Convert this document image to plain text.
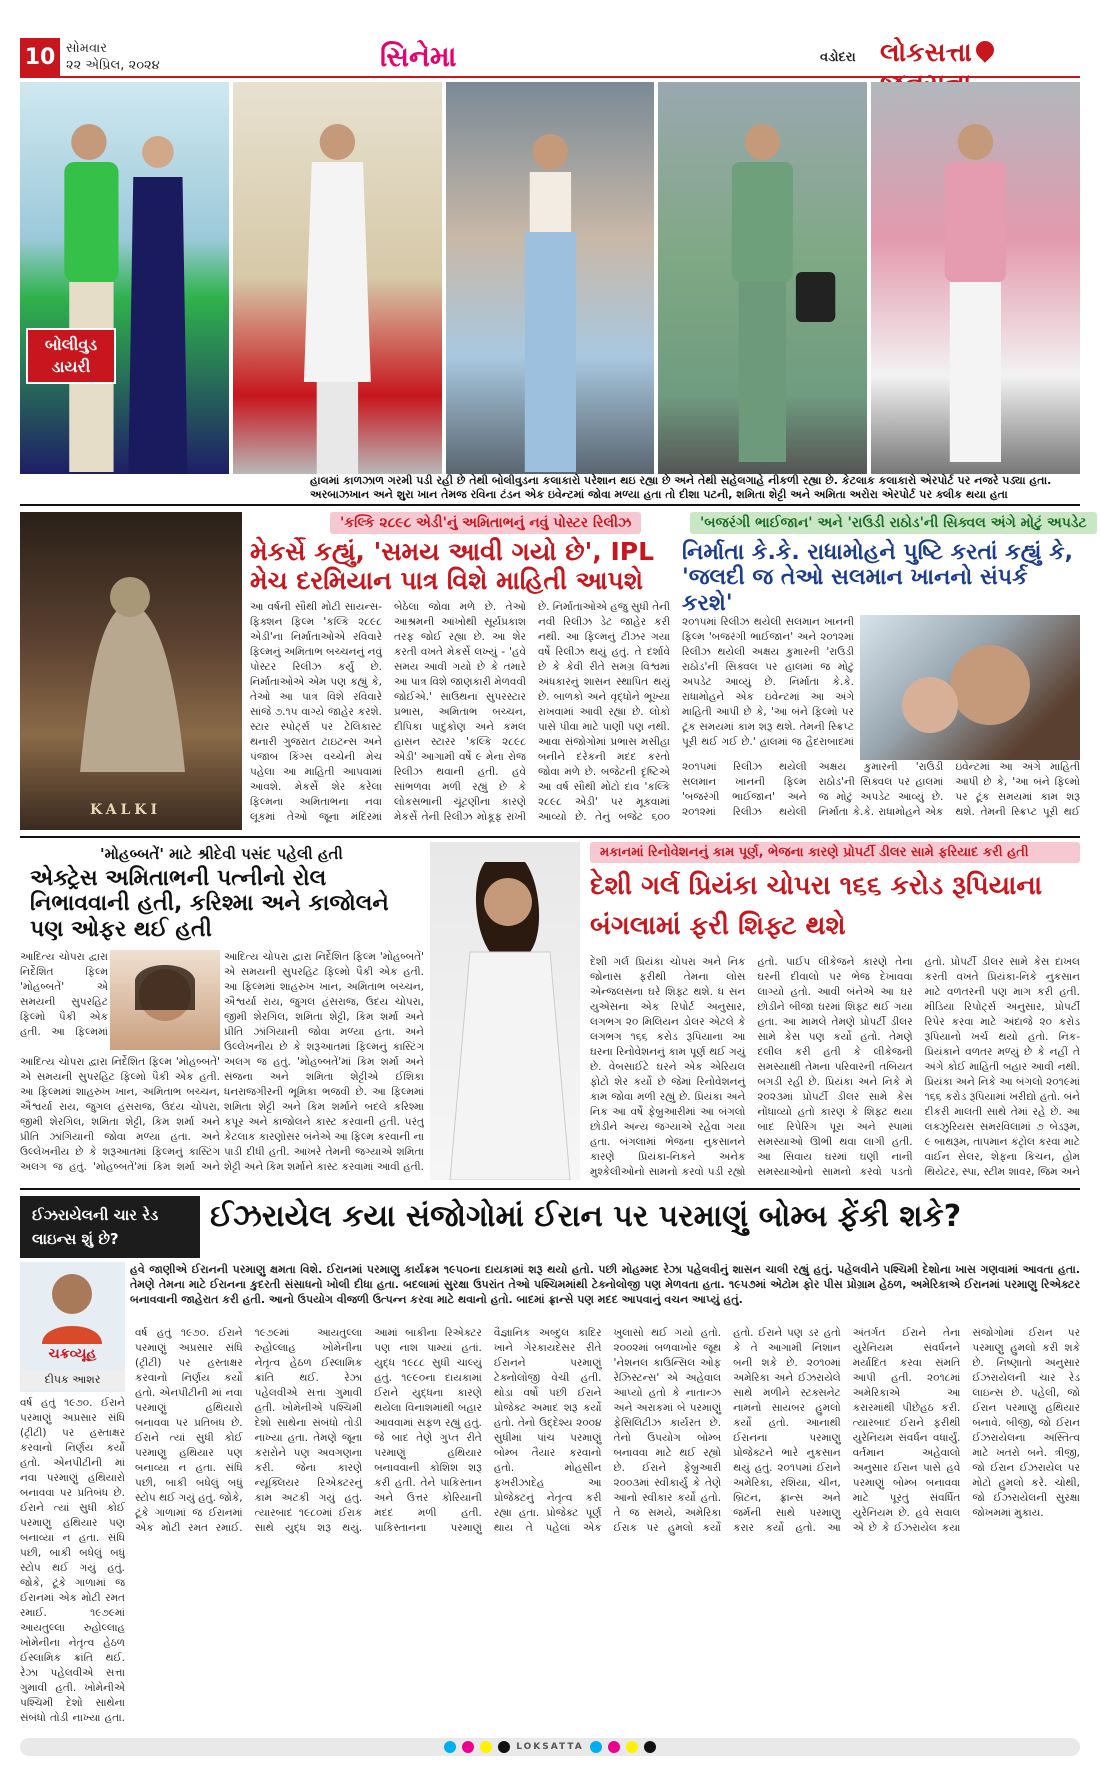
10 સોમવાર
૨૨ એપ્રિલ, ૨૦૨૪	સિનેમા	વડોદરા લોકસત્તા
બોલીવુડ ડાયરી
હાલમાં કાળઝાળ ગરમી પડી રહી છે તેથી બોલીવુડના કલાકારો પરેશાન થઇ રહ્યા છે અને તેથી સહેલગાહે નીકળી રહ્યા છે. કેટલાક કલાકારો એરપોર્ટ પર નજરે પડ્યા હતા. અરબાઝખાન અને શુરા ખાન તેમજ રવિના ટંડન એક ઇવેન્ટમાં જોવા મળ્યા હતા તો દીશા પટની, શમિતા શેટ્ટી અને અમિતા અરોરા એરપોર્ટ પર ક્લીક થયા હતા
'કલ્કિ ૨૮૯૮ એડી'નું અમિતાભનું નવું પોસ્ટર રિલીઝ
મેકર્સે કહ્યું, 'સમય આવી ગયો છે', IPL મેચ દરમિયાન પાત્ર વિશે માહિતી આપશે
KALKI
આ વર્ષની સૌથી મોટી સાયન્સ-ફિક્શન ફિલ્મ 'કલ્કિ ૨૮૯૮ એડી'ના નિર્માતાઓએ રવિવારે ફિલ્મનું અમિતાભ બચ્ચનનું નવું પોસ્ટર રિલીઝ કર્યું છે. નિર્માતાઓએ એમ પણ કહ્યું કે, તેઓ આ પાત્ર વિશે રવિવારે સાંજે ૭.૧૫ વાગ્યે જાહેર કરશે. સ્ટાર સ્પોર્ટ્સ પર ટેલિકાસ્ટ થનારી ગુજરાત ટાઇટન્સ અને પંજાબ કિંગ્સ વચ્ચેની મેચ પહેલા આ માહિતી આપવામાં આવશે. મેકર્સે શેર કરેલા ફિલ્મના અમિતાભના નવા લૂકમાં તેઓ જૂના મંદિરમાં બેઠેલા જોવા મળે છે. તેઓ આશ્રમની આંખોથી સૂર્યપ્રકાશ તરફ જોઈ રહ્યા છે. આ શેર કરતી વખતે મેકર્સે લખ્યું - 'હવે સમય આવી ગયો છે કે તમારે આ પાત્ર વિશે જાણકારી મેળવવી જોઈએ.' સાઉથના સુપરસ્ટાર પ્રભાસ, અમિતાભ બચ્ચન, દીપિકા પાદુકોણ અને કમલ હાસન સ્ટારર 'કલ્કિ ૨૮૯૮ એડી' આગામી વર્ષે ૯ મેના રોજ રિલીઝ થવાની હતી. હવે સાંભળવા મળી રહ્યું છે કે લોકસભાની ચૂંટણીના કારણે મેકર્સે તેની રિલીઝ મોકૂફ રાખી છે. નિર્માતાઓએ હજુ સુધી તેની નવી રિલીઝ ડેટ જાહેર કરી નથી. આ ફિલ્મનું ટીઝર ગયા વર્ષે રિલીઝ થયું હતું. તે દર્શાવે છે કે કેવી રીતે સમગ્ર વિશ્વમાં અંધકારનું શાસન સ્થાપિત થયું છે. બાળકો અને વૃદ્ધોને ભૂખ્યા રાખવામાં આવી રહ્યા છે. લોકો પાસે પીવા માટે પાણી પણ નથી. આવા સંજોગોમાં પ્રભાસ મસીહા બનીને દરેકની મદદ કરતો જોવા મળે છે. બજેટની દૃષ્ટિએ આ વર્ષ સૌથી મોટો દાવ 'કલ્કિ ૨૮૯૮ એડી' પર મૂકવામાં આવ્યો છે. તેનું બજેટ ૬૦૦
'બજરંગી ભાઈજાન' અને 'રાઉડી રાઠોડ'ની સિક્વલ અંગે મોટું અપડેટ
નિર્માતા કે.કે. રાધામોહને પુષ્ટિ કરતાં કહ્યું કે, 'જલદી જ તેઓ સલમાન ખાનનો સંપર્ક કરશે'
૨૦૧૫માં રિલીઝ થયેલી સલમાન ખાનની ફિલ્મ 'બજરંગી ભાઈજાન' અને ૨૦૧૨માં રિલીઝ થયેલી અક્ષય કુમારની 'રાઉડી રાઠોડ'ની સિક્વલ પર હાલમાં જ મોટું અપડેટ આવ્યું છે. નિર્માતા કે.કે. રાધામોહને એક ઇવેન્ટમાં આ અંગે માહિતી આપી છે કે, 'આ બંને ફિલ્મો પર ટૂંક સમયમાં કામ શરૂ થશે. તેમની સ્ક્રિપ્ટ પૂરી થઈ ગઈ છે.' હાલમાં જ હૈદરાબાદમાં
૨૦૧૫માં રિલીઝ થયેલી સલમાન ખાનની ફિલ્મ 'બજરંગી ભાઈજાન' અને ૨૦૧૨માં રિલીઝ થયેલી અક્ષય કુમારની 'રાઉડી રાઠોડ'ની સિક્વલ પર હાલમાં જ મોટું અપડેટ આવ્યું છે. નિર્માતા કે.કે. રાધામોહને એક ઇવેન્ટમાં આ અંગે માહિતી આપી છે કે, 'આ બંને ફિલ્મો પર ટૂંક સમયમાં કામ શરૂ થશે. તેમની સ્ક્રિપ્ટ પૂરી થઈ
'મોહબ્બતેં' માટે શ્રીદેવી પસંદ પહેલી હતી
એક્ટ્રેસ અમિતાભની પત્નીનો રોલ નિભાવવાની હતી, કરિશ્મા અને કાજોલને પણ ઓફર થઈ હતી
આદિત્ય ચોપરા દ્વારા નિર્દેશિત ફિલ્મ 'મોહબ્બતેં' એ સમયની સુપરહિટ ફિલ્મો પૈકી એક હતી. આ ફિલ્મમાં
આદિત્ય ચોપરા દ્વારા નિર્દેશિત ફિલ્મ 'મોહબ્બતેં' એ સમયની સુપરહિટ ફિલ્મો પૈકી એક હતી. આ ફિલ્મમાં શાહરુખ ખાન, અમિતાભ બચ્ચન, ઐશ્વર્યા રાય, જુગલ હંસરાજ, ઉદય ચોપરા, જીમી શેરગિલ, શમિતા શેટ્ટી, કિમ શર્મા અને પ્રીતિ ઝાંગિયાની જોવા મળ્યા હતા. અને ઉલ્લેખનીય છે કે શરૂઆતમાં ફિલ્મનું કાસ્ટિંગ અલગ જ હતું. 'મોહબ્બતેં'માં કિમ શર્મા અને
આદિત્ય ચોપરા દ્વારા નિર્દેશિત ફિલ્મ 'મોહબ્બતેં' એ સમયની સુપરહિટ ફિલ્મો પૈકી એક હતી. આ ફિલ્મમાં શાહરુખ ખાન, અમિતાભ બચ્ચન, ઐશ્વર્યા રાય, જુગલ હંસરાજ, ઉદય ચોપરા, જીમી શેરગિલ, શમિતા શેટ્ટી, કિમ શર્મા અને પ્રીતિ ઝાંગિયાની જોવા મળ્યા હતા. અને ઉલ્લેખનીય છે કે શરૂઆતમાં ફિલ્મનું કાસ્ટિંગ અલગ જ હતું. 'મોહબ્બતેં'માં કિમ શર્મા અને સંજના અને શમિતા શેટ્ટીએ ઈશિકા ધનરાજગીરની ભૂમિકા ભજવી છે. આ ફિલ્મમાં શમિતા શેટ્ટી અને કિમ શર્માને બદલે કરિશ્મા કપૂર અને કાજોલને કાસ્ટ કરવાની હતી. પરંતુ કેટલાક કારણોસર બંનેએ આ ફિલ્મ કરવાની ના પાડી દીધી હતી. આખરે તેમની જગ્યાએ શમિતા શેટ્ટી અને કિમ શર્માને કાસ્ટ કરવામાં આવી હતી.
મકાનમાં રિનોવેશનનું કામ પૂર્ણ, ભેજના કારણે પ્રોપર્ટી ડીલર સામે ફરિયાદ કરી હતી
દેશી ગર્લ પ્રિયંકા ચોપરા ૧૬૬ કરોડ રૂપિયાના બંગલામાં ફરી શિફ્ટ થશે
દેશી ગર્લ પ્રિયંકા ચોપરા અને નિક જોનાસ ફરીથી તેમના લોસ એન્જલસના ઘરે શિફ્ટ થશે. ધ સન યુએસના એક રિપોર્ટ અનુસાર, લગભગ ૨૦ મિલિયન ડોલર એટલે કે લગભગ ૧૬૬ કરોડ રૂપિયાના આ ઘરના રિનોવેશનનું કામ પૂર્ણ થઈ ગયું છે. વેબસાઈટે ઘરને એક એરિયલ ફોટો શેર કર્યો છે જેમાં રિનોવેશનનું કામ જોવા મળી રહ્યું છે. પ્રિયંકા અને નિક આ વર્ષે ફેબ્રુઆરીમાં આ બંગલો છોડીને અન્ય જગ્યાએ રહેવા ગયા હતા. બંગલામાં ભેજના નુકસાનને કારણે પ્રિયંકા-નિકને અનેક મુશ્કેલીઓનો સામનો કરવો પડી રહ્યો હતો. પાઈપ લીકેજને કારણે તેના ઘરની દીવાલો પર ભેજ દેખાવવા લાગ્યો હતો. આવી બંનેએ આ ઘર છોડીને બીજા ઘરમાં શિફ્ટ થઈ ગયા હતા. આ મામલે તેમણે પ્રોપર્ટી ડીલર સામે કેસ પણ કર્યો હતો. તેમણે દલીલ કરી હતી કે લીકેજની સમસ્યાથી તેમના પરિવારની તબિયત બગડી રહી છે. પ્રિયંકા અને નિકે મે ૨૦૨૩માં પ્રોપર્ટી ડીલર સામે કેસ નોંધાવ્યો હતો કારણ કે શિફ્ટ થયા બાદ રિપેરિંગ પૂરા અને સ્પામાં સમસ્યાઓ ઊભી થવા લાગી હતી. આ સિવાય ઘરમાં ઘણી નાની સમસ્યાઓનો સામનો કરવો પડતો હતો. પ્રોપર્ટી ડીલર સામે કેસ દાખલ કરતી વખતે પ્રિયંકા-નિકે નુકસાન માટે વળતરની પણ માગ કરી હતી. મીડિયા રિપોર્ટ્સ અનુસાર, પ્રોપર્ટી રિપેર કરવા માટે અંદાજે ૨૦ કરોડ રૂપિયાનો ખર્ચ થયો હતો. નિક-પ્રિયંકાને વળતર મળ્યું છે કે નહીં તે અંગે કોઈ માહિતી બહાર આવી નથી. પ્રિયંકા અને નિકે આ બંગલો ૨૦૧૯માં ૧૬૬ કરોડ રૂપિયામાં ખરીદ્યો હતો. બંને દીકરી માલતી સાથે તેમાં રહે છે. આ લક્ઝુરિયસ સમરવિલામાં ૭ બેડરૂમ, ૯ બાથરૂમ, તાપમાન કંટ્રોલ કરવા માટે વાઈન સેલર, શેફના કિચન, હોમ થિયેટર, સ્પા, સ્ટીમ શાવર, જિમ અને
ઈઝરાયેલની ચાર રેડ લાઇન્સ શું છે?
ઈઝરાયેલ કયા સંજોગોમાં ઈરાન પર પરમાણું બોમ્બ ફેંકી શકે?
હવે જાણીએ ઈરાનની પરમાણુ ક્ષમતા વિશે. ઈરાનમાં પરમાણુ કાર્યક્રમ ૧૯૫૦ના દાયકામાં શરૂ થયો હતો. પછી મોહમ્મદ રેઝા પહેલવીનું શાસન ચાલી રહ્યું હતું. પહેલવીને પશ્ચિમી દેશોના ખાસ ગણવામાં આવતા હતા. તેમણે તેમના માટે ઈરાનના કુદરતી સંસાધનો ખોલી દીધા હતા. બદલામાં સુરક્ષા ઉપરાંત તેઓ પશ્ચિમમાંથી ટેક્નોલોજી પણ મેળવતા હતા. ૧૯૫૭માં એટોમ ફોર પીસ પ્રોગ્રામ હેઠળ, અમેરિકાએ ઈરાનમાં પરમાણુ રિએક્ટર બનાવવાની જાહેરાત કરી હતી. આનો ઉપયોગ વીજળી ઉત્પન્ન કરવા માટે થવાનો હતો. બાદમાં ફ્રાન્સે પણ મદદ આપવાનું વચન આપ્યું હતું.
ચક્રવ્યૂહ
દીપક આશર
વર્ષ હતું ૧૯૭૦. ઈરાને પરમાણું અપ્રસાર સંધિ (ટ્રીટી) પર હસ્તાક્ષર કરવાનો નિર્ણય કર્યો હતો. એનપીટીની માં નવા પરમાણું હથિયારો બનાવવા પર પ્રતિબંધ છે. ઈરાને ત્યાં સુધી કોઈ પરમાણુ હથિયાર પણ બનાવ્યા ન હતા. સંધિ પછી, બાકી બધેલું બધું સ્ટોપ થઈ ગયું હતું. જોકે, ટૂંકે ગાળામાં જ ઈરાનમાં એક મોટી રમત રમાઈ. ૧૯૭૯માં આયતુલ્લા રુહોલ્લાહ ખોમેનીના નેતૃત્વ હેઠળ ઈસ્લામિક ક્રાંતિ થઈ. રેઝા પહેલવીએ સત્તા ગુમાવી હતી. ખોમેનીએ પશ્ચિમી દેશો સાથેના સંબંધો તોડી નાખ્યા હતા.
વર્ષ હતું ૧૯૭૦. ઈરાને પરમાણું અપ્રસાર સંધિ (ટ્રીટી) પર હસ્તાક્ષર કરવાનો નિર્ણય કર્યો હતો. એનપીટીની માં નવા પરમાણું હથિયારો બનાવવા પર પ્રતિબંધ છે. ઈરાને ત્યાં સુધી કોઈ પરમાણુ હથિયાર પણ બનાવ્યા ન હતા. સંધિ પછી, બાકી બધેલું બધું સ્ટોપ થઈ ગયું હતું. જોકે, ટૂંકે ગાળામાં જ ઈરાનમાં એક મોટી રમત રમાઈ. ૧૯૭૯માં આયતુલ્લા રુહોલ્લાહ ખોમેનીના નેતૃત્વ હેઠળ ઈસ્લામિક ક્રાંતિ થઈ. રેઝા પહેલવીએ સત્તા ગુમાવી હતી. ખોમેનીએ પશ્ચિમી દેશો સાથેના સંબંધો તોડી નાખ્યા હતા. તેમણે જૂના કરારોને પણ અવગણના કરી. જેના કારણે ન્યૂક્લિયર રિએક્ટરનું કામ અટકી ગયું હતું. ત્યારબાદ ૧૯૮૦માં ઈરાક સાથે યુદ્ધ શરૂ થયું. આમાં બાકીના રિએક્ટર પણ નાશ પામ્યાં હતાં. યુદ્ધ ૧૯૮૮ સુધી ચાલ્યું હતું. ૧૯૯૦ના દાયકામાં ઈરાને યુદ્ધના કારણે થયેલા વિનાશમાંથી બહાર આવવામાં સફળ રહ્યું હતું. જે બાદ તેણે ગુપ્ત રીતે પરમાણું હથિયાર બનાવવાની કોશિશ શરૂ કરી હતી. તેને પાકિસ્તાન અને ઉત્તર કોરિયાની મદદ મળી હતી. પાકિસ્તાનના પરમાણું વૈજ્ઞાનિક અબ્દુલ કાદિર ખાને ગેરકાયદેસર રીતે ઈરાનને પરમાણું ટેક્નોલોજી વેચી હતી. થોડા વર્ષો પછી ઈરાને પ્રોજેક્ટ અમાદ શરૂ કર્યો હતો. તેનો ઉદ્દેશ્ય ૨૦૦૪ સુધીમાં પાંચ પરમાણું બોમ્બ તૈયાર કરવાનો હતો. મોહસીન ફખરીઝાદેહ આ પ્રોજેક્ટનું નેતૃત્વ કરી રહ્યા હતા. પ્રોજેક્ટ પૂર્ણ થાય તે પહેલાં એક ખુલાસો થઈ ગયો હતો. ૨૦૦૨માં બળવાખોર જૂથ 'નેશનલ કાઉન્સિલ ઓફ રેઝિસ્ટન્સ' એ અહેવાલ આપ્યો હતો કે નાતાન્ઝ અને અરાકમાં બે પરમાણું ફેસિલિટીઝ કાર્યરત છે. તેનો ઉપયોગ બોમ્બ બનાવવા માટે થઈ રહ્યો છે. ઈરાને ફેબ્રુઆરી ૨૦૦૩માં સ્વીકાર્યું કે તેણે આનો સ્વીકાર કર્યો હતો. તે જ સમયે, અમેરિકા ઈરાક પર હુમલો કર્યો હતો. ઈરાને પણ ડર હતો કે તે આગામી નિશાન બની શકે છે. ૨૦૧૦માં અમેરિકા અને ઈઝરાયેલે સાથે મળીને સ્ટક્સનેટ નામનો સાયબર હુમલો કર્યો હતો. આનાથી ઈરાનના પરમાણુ પ્રોજેક્ટને ભારે નુકસાન થયું હતું. ૨૦૧૫માં ઈરાને અમેરિકા, રશિયા, ચીન, બ્રિટન, ફ્રાન્સ અને જર્મની સાથે પરમાણુ કરાર કર્યો હતો. આ અંતર્ગત ઈરાને તેના યુરેનિયમ સંવર્ધનને મર્યાદિત કરવા સંમતિ આપી હતી. ૨૦૧૮માં અમેરિકાએ આ કરારમાંથી પીછેહઠ કરી. ત્યારબાદ ઈરાને ફરીથી યુરેનિયમ સંવર્ધન વધાર્યું. વર્તમાન અહેવાલો અનુસાર ઈરાન પાસે હવે પરમાણું બોમ્બ બનાવવા માટે પૂરતું સંવર્ધિત યુરેનિયમ છે. હવે સવાલ એ છે કે ઈઝરાયેલ કયા સંજોગોમાં ઈરાન પર પરમાણુ હુમલો કરી શકે છે. નિષ્ણાતો અનુસાર ઈઝરાયેલની ચાર રેડ લાઇન્સ છે. પહેલી, જો ઈરાન પરમાણુ હથિયાર બનાવે. બીજી, જો ઈરાન ઈઝરાયેલના અસ્તિત્વ માટે ખતરો બને. ત્રીજી, જો ઈરાન ઈઝરાયેલ પર મોટો હુમલો કરે. ચોથી, જો ઈઝરાયેલની સુરક્ષા જોખમમાં મુકાય.
LOKSATTA
